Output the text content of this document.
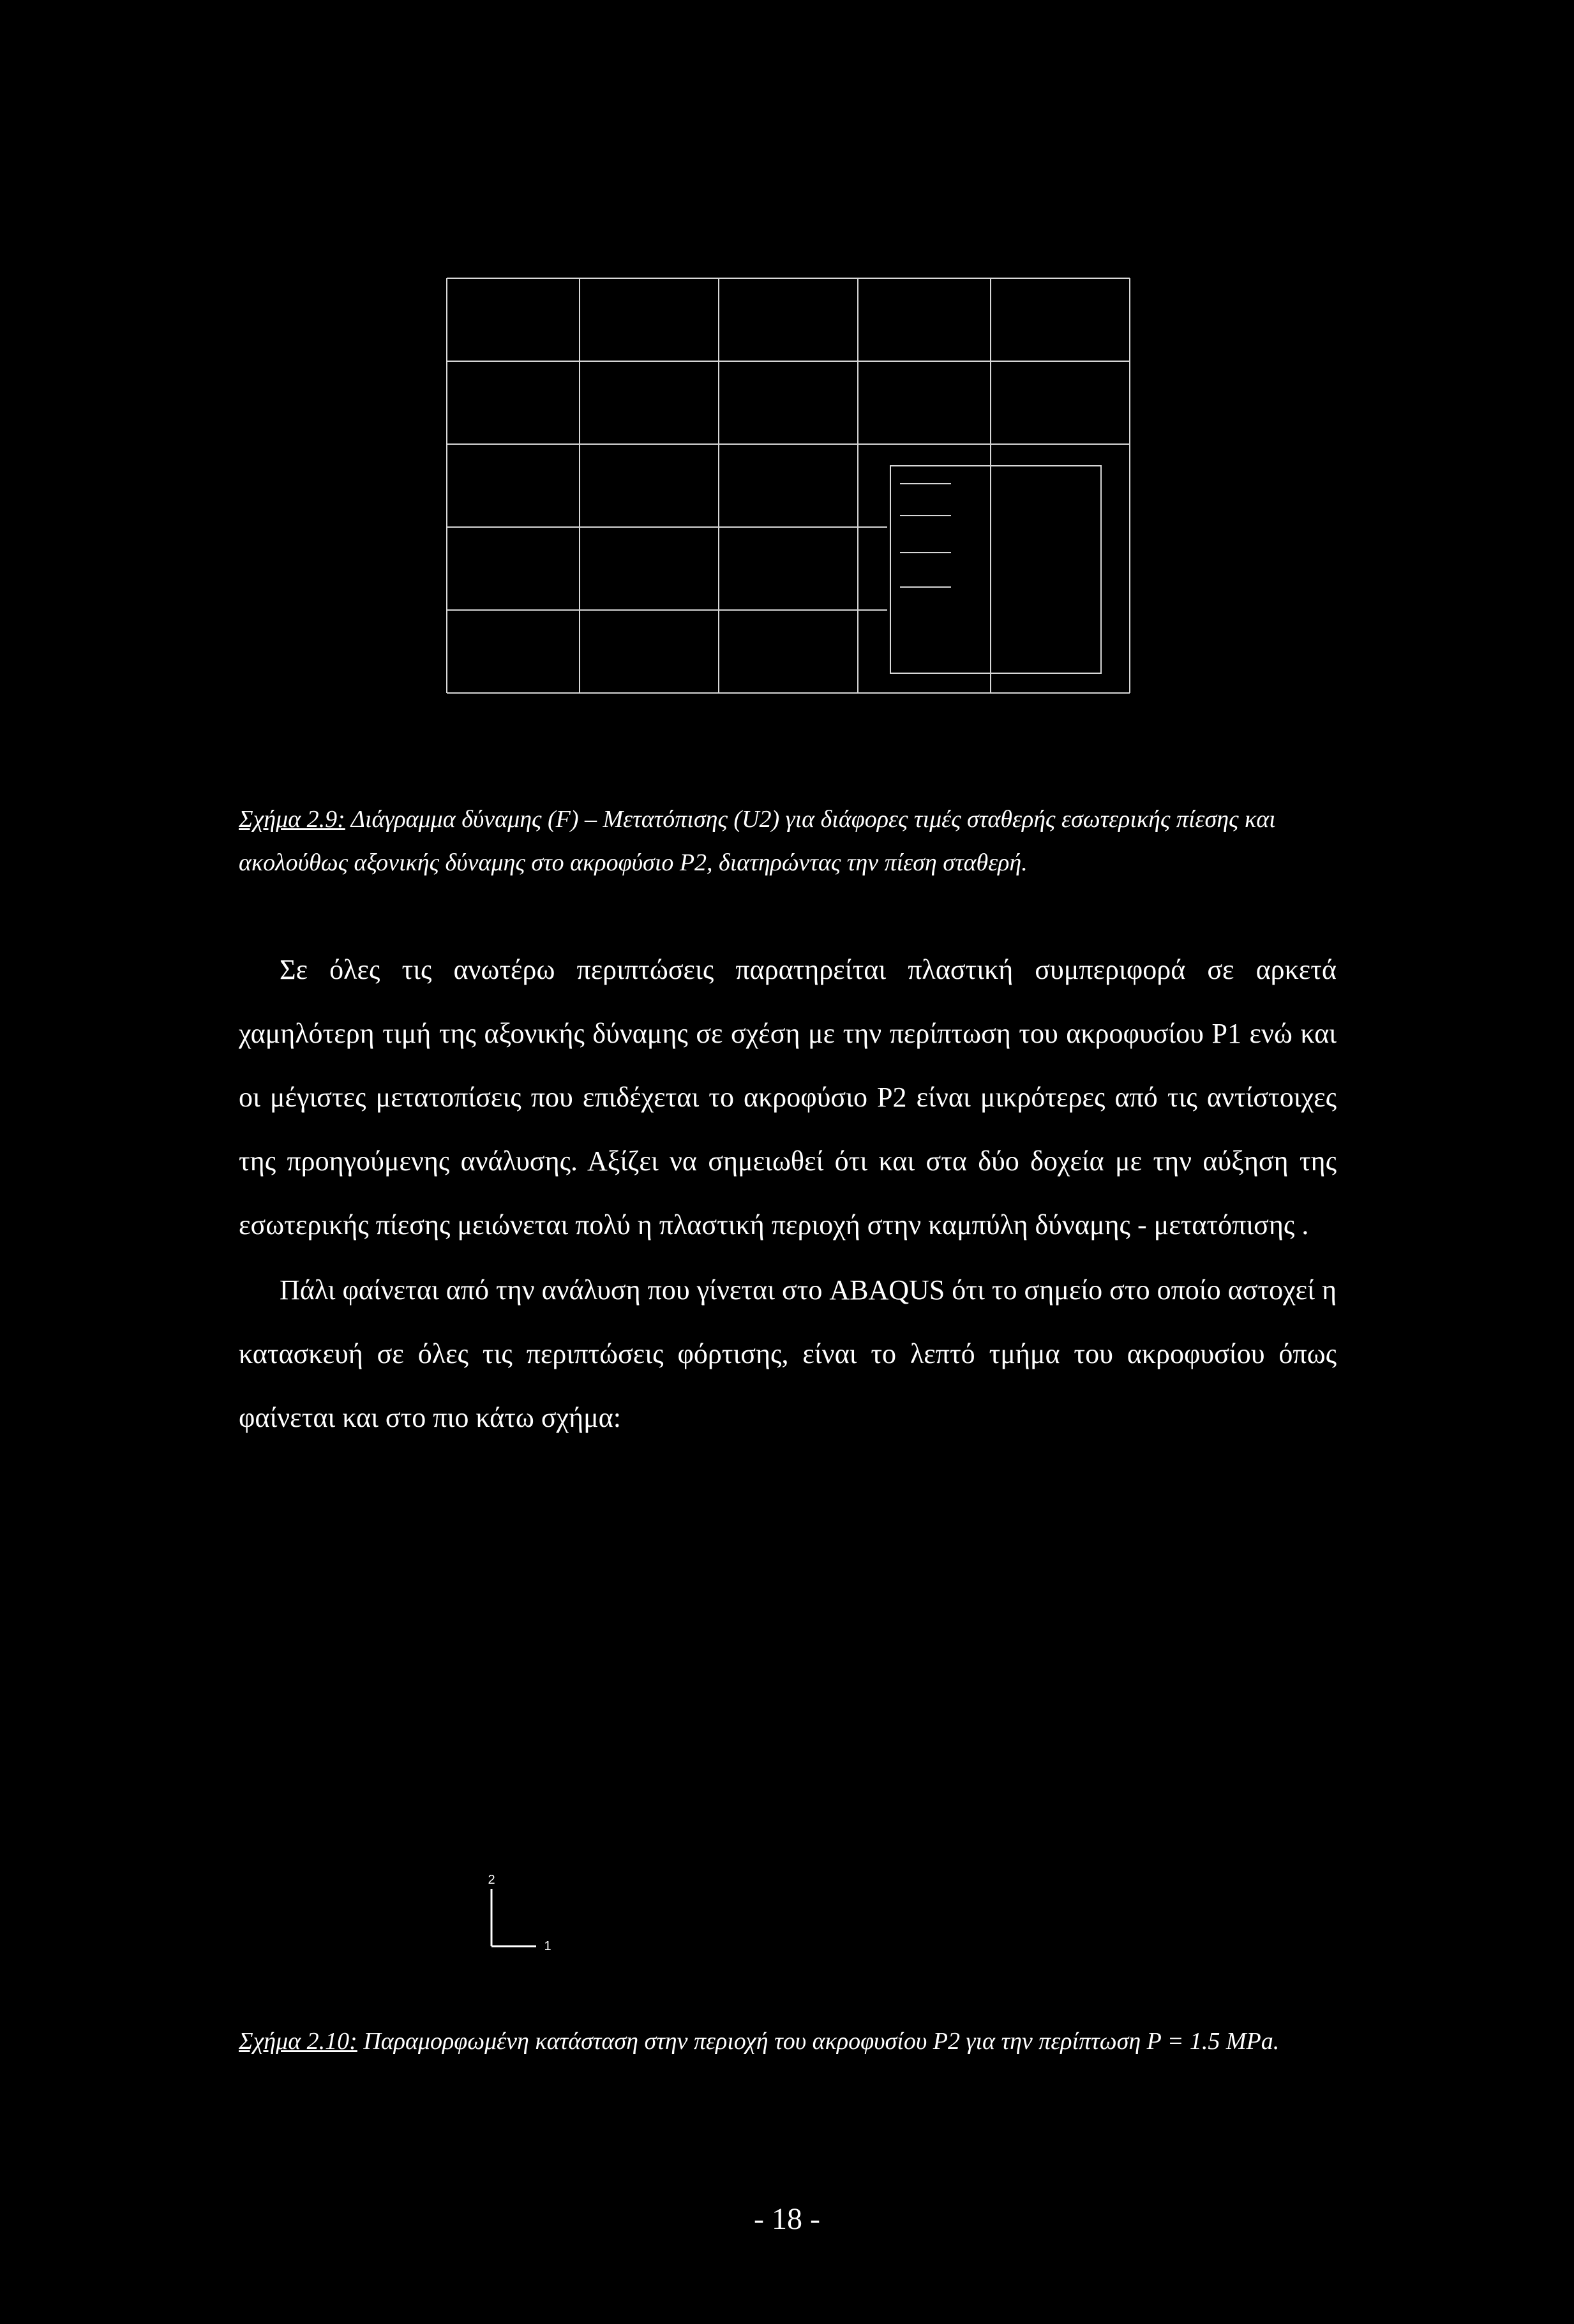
Σχήμα 2.9: Διάγραμμα δύναμης (F) – Μετατόπισης (U2) για διάφορες τιμές σταθερής εσωτερικής πίεσης και ακολούθως αξονικής δύναμης στο ακροφύσιο P2, διατηρώντας την πίεση σταθερή.

Σε όλες τις ανωτέρω περιπτώσεις παρατηρείται πλαστική συμπεριφορά σε αρκετά χαμηλότερη τιμή της αξονικής δύναμης σε σχέση με την περίπτωση του ακροφυσίου P1 ενώ και οι μέγιστες μετατοπίσεις που επιδέχεται το ακροφύσιο P2 είναι μικρότερες από τις αντίστοιχες της προηγούμενης ανάλυσης. Αξίζει να σημειωθεί ότι και στα δύο δοχεία με την αύξηση της εσωτερικής πίεσης μειώνεται πολύ η πλαστική περιοχή στην καμπύλη δύναμης - μετατόπισης .

Πάλι φαίνεται από την ανάλυση που γίνεται στο ABAQUS ότι το σημείο στο οποίο αστοχεί η κατασκευή σε όλες τις περιπτώσεις φόρτισης, είναι το λεπτό τμήμα του ακροφυσίου όπως φαίνεται και στο πιο κάτω σχήμα:

2
1
Σχήμα 2.10: Παραμορφωμένη κατάσταση στην περιοχή του ακροφυσίου P2 για την περίπτωση P = 1.5 MPa.
- 18 -
